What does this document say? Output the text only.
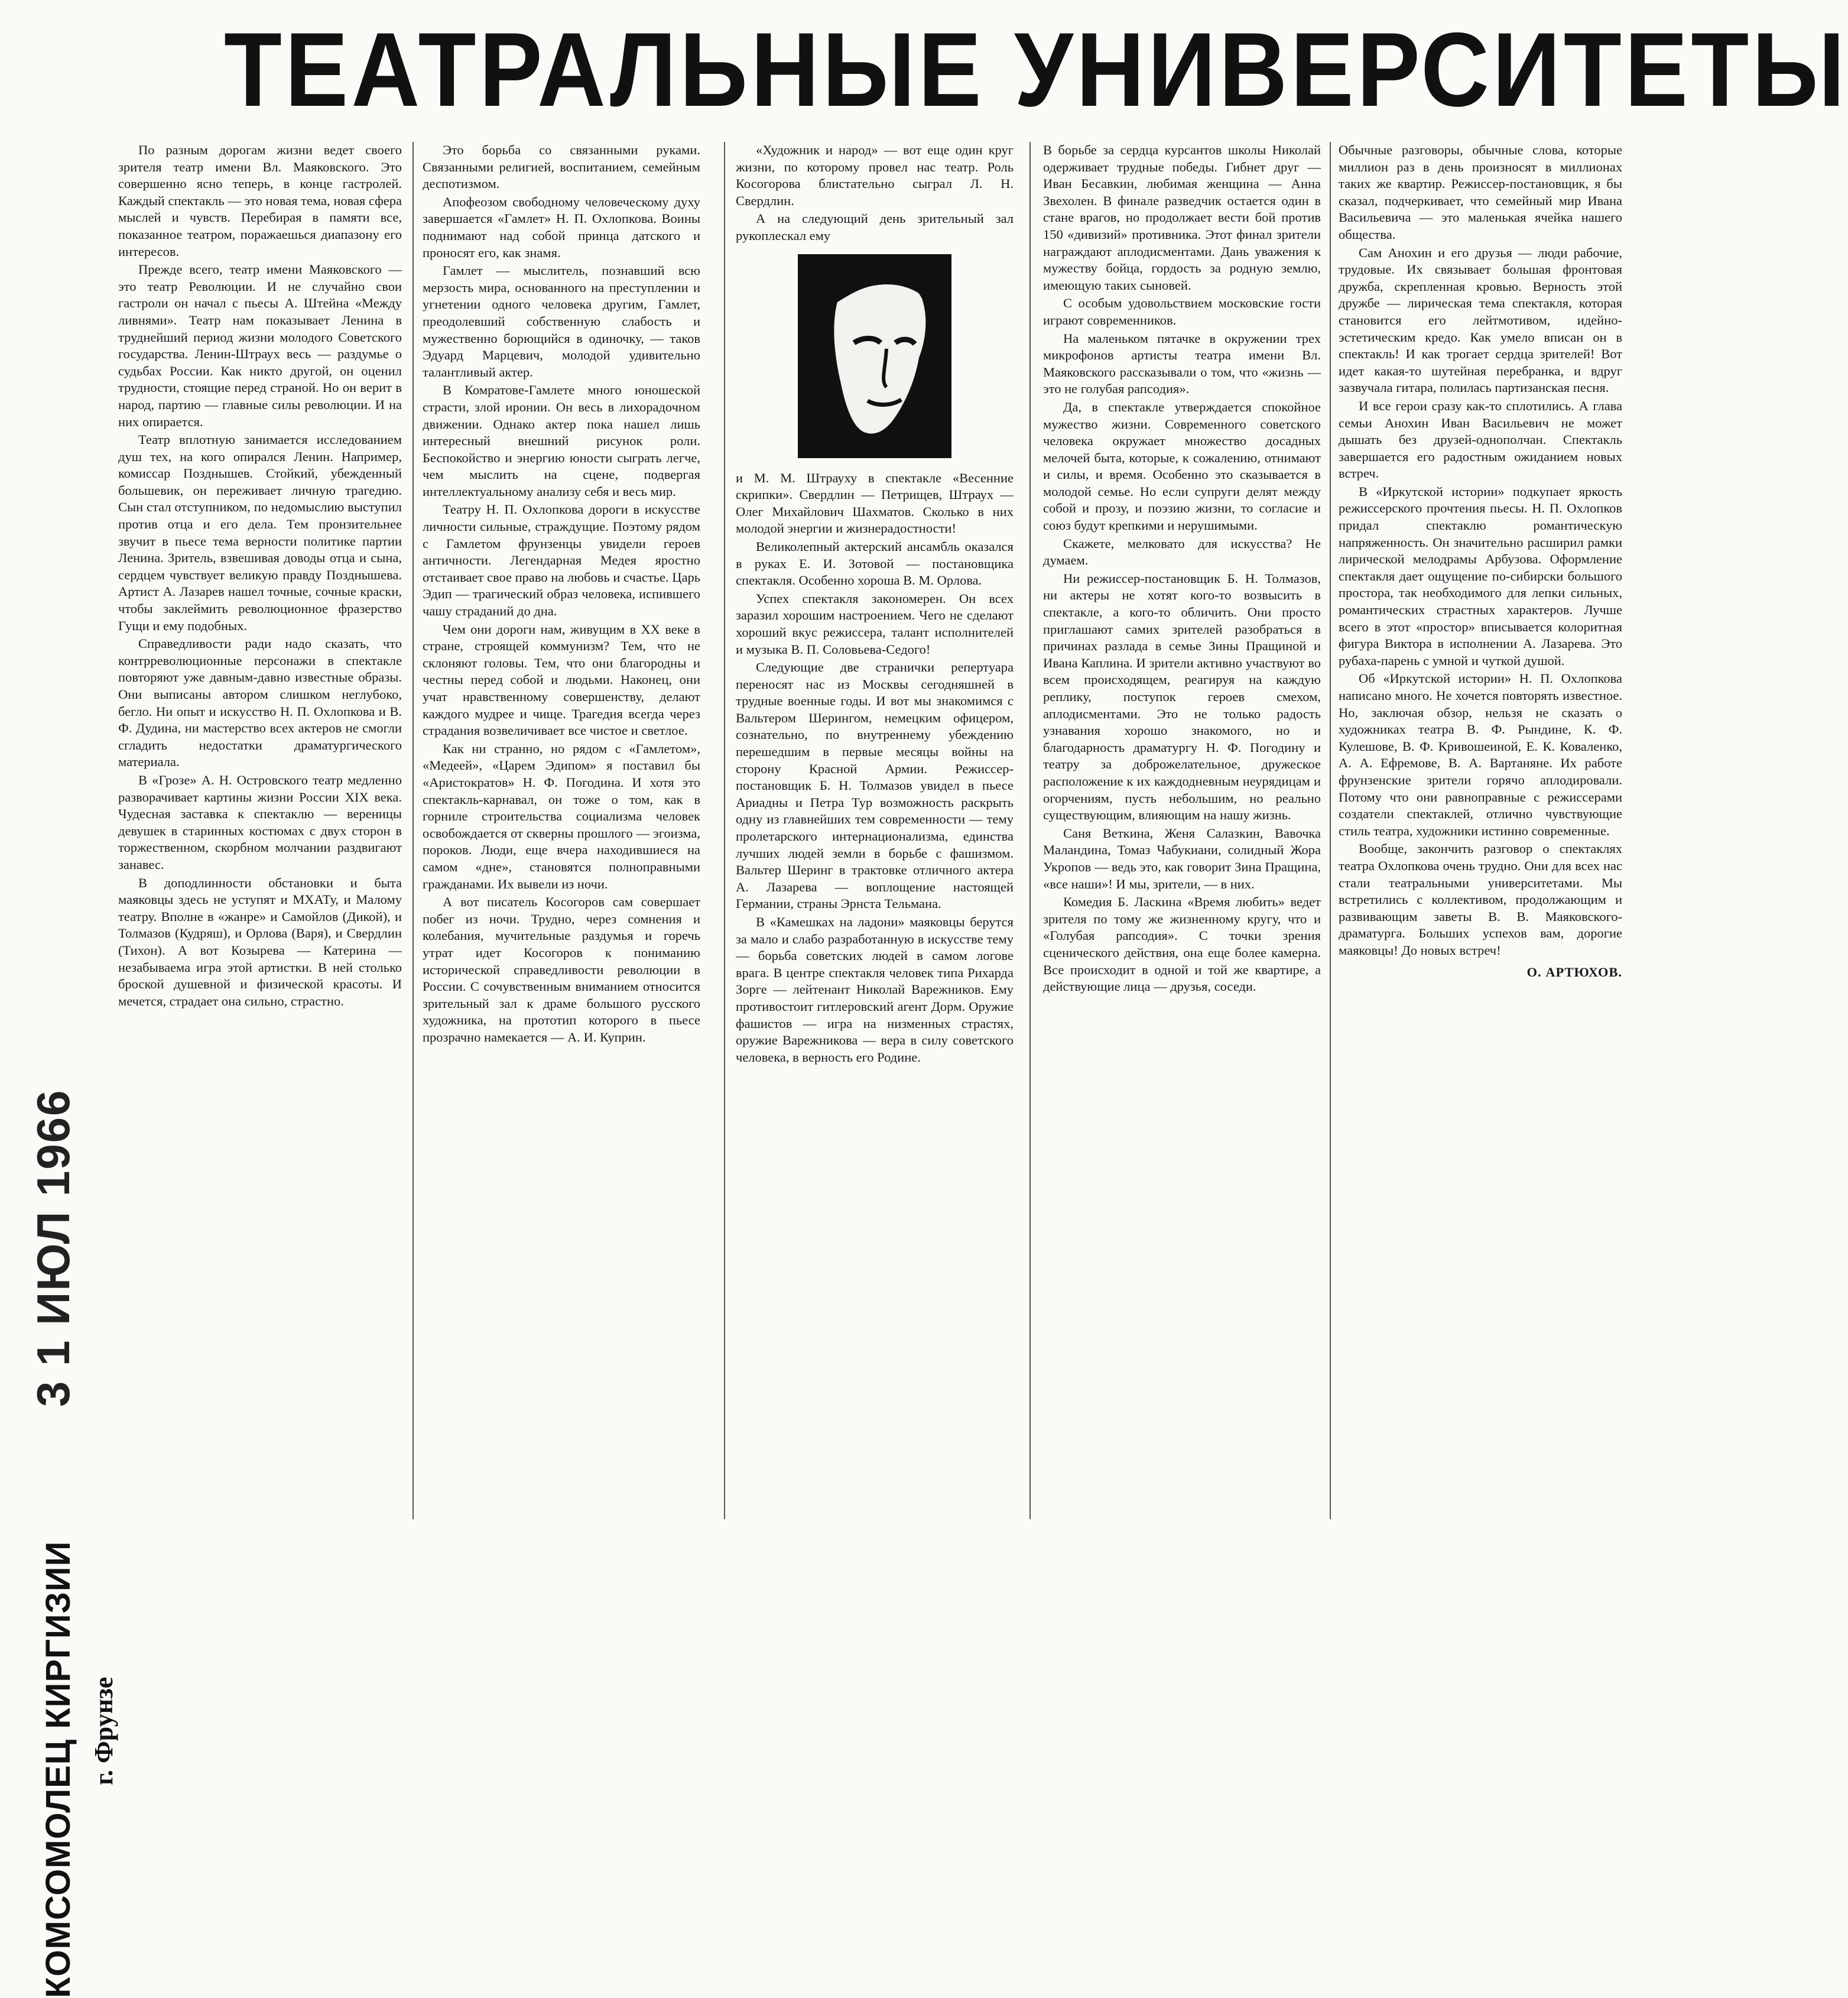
ТЕАТРАЛЬНЫЕ УНИВЕРСИТЕТЫ
3 1 ИЮЛ 1966
КОМСОМОЛЕЦ КИРГИЗИИ г. Фрунзе

По разным дорогам жизни ведет своего зрителя театр имени Вл. Маяковского. Это совершенно ясно теперь, в конце гастролей. Каждый спектакль — это новая тема, новая сфера мыслей и чувств. Перебирая в памяти все, показанное театром, поражаешься диапазону его интересов.

Прежде всего, театр имени Маяковского — это театр Революции. И не случайно свои гастроли он начал с пьесы А. Штейна «Между ливнями». Театр нам показывает Ленина в труднейший период жизни молодого Советского государства. Ленин-Штраух весь — раздумье о судьбах России. Как никто другой, он оценил трудности, стоящие перед страной. Но он верит в народ, партию — главные силы революции. И на них опирается.

Театр вплотную занимается исследованием душ тех, на кого опирался Ленин. Например, комиссар Позднышев. Стойкий, убежденный большевик, он переживает личную трагедию. Сын стал отступником, по недомыслию выступил против отца и его дела. Тем пронзительнее звучит в пьесе тема верности политике партии Ленина. Зритель, взвешивая доводы отца и сына, сердцем чувствует великую правду Позднышева. Артист А. Лазарев нашел точные, сочные краски, чтобы заклеймить революционное фразерство Гущи и ему подобных.

Справедливости ради надо сказать, что контрреволюционные персонажи в спектакле повторяют уже давным-давно известные образы. Они выписаны автором слишком неглубоко, бегло. Ни опыт и искусство Н. П. Охлопкова и В. Ф. Дудина, ни мастерство всех актеров не смогли сгладить недостатки драматургического материала.

В «Грозе» А. Н. Островского театр медленно разворачивает картины жизни России XIX века. Чудесная заставка к спектаклю — вереницы девушек в старинных костюмах с двух сторон в торжественном, скорбном молчании раздвигают занавес.

В доподлинности обстановки и быта маяковцы здесь не уступят и МХАТу, и Малому театру. Вполне в «жанре» и Самойлов (Дикой), и Толмазов (Кудряш), и Орлова (Варя), и Свердлин (Тихон). А вот Козырева — Катерина — незабываема игра этой артистки. В ней столько броской душевной и физической красоты. И мечется, страдает она сильно, страстно.

Это борьба со связанными руками. Связанными религией, воспитанием, семейным деспотизмом.

Апофеозом свободному человеческому духу завершается «Гамлет» Н. П. Охлопкова. Воины поднимают над собой принца датского и проносят его, как знамя.

Гамлет — мыслитель, познавший всю мерзость мира, основанного на преступлении и угнетении одного человека другим, Гамлет, преодолевший собственную слабость и мужественно борющийся в одиночку, — таков Эдуард Марцевич, молодой удивительно талантливый актер.

В Комратове-Гамлете много юношеской страсти, злой иронии. Он весь в лихорадочном движении. Однако актер пока нашел лишь интересный внешний рисунок роли. Беспокойство и энергию юности сыграть легче, чем мыслить на сцене, подвергая интеллектуальному анализу себя и весь мир.

Театру Н. П. Охлопкова дороги в искусстве личности сильные, страждущие. Поэтому рядом с Гамлетом фрунзенцы увидели героев античности. Легендарная Медея яростно отстаивает свое право на любовь и счастье. Царь Эдип — трагический образ человека, испившего чашу страданий до дна.

Чем они дороги нам, живущим в XX веке в стране, строящей коммунизм? Тем, что не склоняют головы. Тем, что они благородны и честны перед собой и людьми. Наконец, они учат нравственному совершенству, делают каждого мудрее и чище. Трагедия всегда через страдания возвеличивает все чистое и светлое.

Как ни странно, но рядом с «Гамлетом», «Медеей», «Царем Эдипом» я поставил бы «Аристократов» Н. Ф. Погодина. И хотя это спектакль-карнавал, он тоже о том, как в горниле строительства социализма человек освобождается от скверны прошлого — эгоизма, пороков. Люди, еще вчера находившиеся на самом «дне», становятся полноправными гражданами. Их вывели из ночи.

А вот писатель Косогоров сам совершает побег из ночи. Трудно, через сомнения и колебания, мучительные раздумья и горечь утрат идет Косогоров к пониманию исторической справедливости революции в России. С сочувственным вниманием относится зрительный зал к драме большого русского художника, на прототип которого в пьесе прозрачно намекается — А. И. Куприн.

«Художник и народ» — вот еще один круг жизни, по которому провел нас театр. Роль Косогорова блистательно сыграл Л. Н. Свердлин.

А на следующий день зрительный зал рукоплескал ему

и М. М. Штрауху в спектакле «Весенние скрипки». Свердлин — Петрищев, Штраух — Олег Михайлович Шахматов. Сколько в них молодой энергии и жизнерадостности!

Великолепный актерский ансамбль оказался в руках Е. И. Зотовой — постановщика спектакля. Особенно хороша В. М. Орлова.

Успех спектакля закономерен. Он всех заразил хорошим настроением. Чего не сделают хороший вкус режиссера, талант исполнителей и музыка В. П. Соловьева-Седого!

Следующие две странички репертуара переносят нас из Москвы сегодняшней в трудные военные годы. И вот мы знакомимся с Вальтером Шерингом, немецким офицером, сознательно, по внутреннему убеждению перешедшим в первые месяцы войны на сторону Красной Армии. Режиссер-постановщик Б. Н. Толмазов увидел в пьесе Ариадны и Петра Тур возможность раскрыть одну из главнейших тем современности — тему пролетарского интернационализма, единства лучших людей земли в борьбе с фашизмом. Вальтер Шеринг в трактовке отличного актера А. Лазарева — воплощение настоящей Германии, страны Эрнста Тельмана.

В «Камешках на ладони» маяковцы берутся за мало и слабо разработанную в искусстве тему — борьба советских людей в самом логове врага. В центре спектакля человек типа Рихарда Зорге — лейтенант Николай Варежников. Ему противостоит гитлеровский агент Дорм. Оружие фашистов — игра на низменных страстях, оружие Варежникова — вера в силу советского человека, в верность его Родине.

В борьбе за сердца курсантов школы Николай одерживает трудные победы. Гибнет друг — Иван Бесавкин, любимая женщина — Анна Звехолен. В финале разведчик остается один в стане врагов, но продолжает вести бой против 150 «дивизий» противника. Этот финал зрители награждают аплодисментами. Дань уважения к мужеству бойца, гордость за родную землю, имеющую таких сыновей.

С особым удовольствием московские гости играют современников.

На маленьком пятачке в окружении трех микрофонов артисты театра имени Вл. Маяковского рассказывали о том, что «жизнь — это не голубая рапсодия».

Да, в спектакле утверждается спокойное мужество жизни. Современного советского человека окружает множество досадных мелочей быта, которые, к сожалению, отнимают и силы, и время. Особенно это сказывается в молодой семье. Но если супруги делят между собой и прозу, и поэзию жизни, то согласие и союз будут крепкими и нерушимыми.

Скажете, мелковато для искусства? Не думаем.

Ни режиссер-постановщик Б. Н. Толмазов, ни актеры не хотят кого-то возвысить в спектакле, а кого-то обличить. Они просто приглашают самих зрителей разобраться в причинах разлада в семье Зины Пращиной и Ивана Каплина. И зрители активно участвуют во всем происходящем, реагируя на каждую реплику, поступок героев смехом, аплодисментами. Это не только радость узнавания хорошо знакомого, но и благодарность драматургу Н. Ф. Погодину и театру за доброжелательное, дружеское расположение к их каждодневным неурядицам и огорчениям, пусть небольшим, но реально существующим, влияющим на нашу жизнь.

Саня Веткина, Женя Салазкин, Вавочка Маландина, Томаз Чабукиани, солидный Жора Укропов — ведь это, как говорит Зина Пращина, «все наши»! И мы, зрители, — в них.

Комедия Б. Ласкина «Время любить» ведет зрителя по тому же жизненному кругу, что и «Голубая рапсодия». С точки зрения сценического действия, она еще более камерна. Все происходит в одной и той же квартире, а действующие лица — друзья, соседи.

Обычные разговоры, обычные слова, которые миллион раз в день произносят в миллионах таких же квартир. Режиссер-постановщик, я бы сказал, подчеркивает, что семейный мир Ивана Васильевича — это маленькая ячейка нашего общества.

Сам Анохин и его друзья — люди рабочие, трудовые. Их связывает большая фронтовая дружба, скрепленная кровью. Верность этой дружбе — лирическая тема спектакля, которая становится его лейтмотивом, идейно-эстетическим кредо. Как умело вписан он в спектакль! И как трогает сердца зрителей! Вот идет какая-то шутейная перебранка, и вдруг зазвучала гитара, полилась партизанская песня.

И все герои сразу как-то сплотились. А глава семьи Анохин Иван Васильевич не может дышать без друзей-однополчан. Спектакль завершается его радостным ожиданием новых встреч.

В «Иркутской истории» подкупает яркость режиссерского прочтения пьесы. Н. П. Охлопков придал спектаклю романтическую напряженность. Он значительно расширил рамки лирической мелодрамы Арбузова. Оформление спектакля дает ощущение по-сибирски большого простора, так необходимого для лепки сильных, романтических страстных характеров. Лучше всего в этот «простор» вписывается колоритная фигура Виктора в исполнении А. Лазарева. Это рубаха-парень с умной и чуткой душой.

Об «Иркутской истории» Н. П. Охлопкова написано много. Не хочется повторять известное. Но, заключая обзор, нельзя не сказать о художниках театра В. Ф. Рындине, К. Ф. Кулешове, В. Ф. Кривошеиной, Е. К. Коваленко, А. А. Ефремове, В. А. Вартаняне. Их работе фрунзенские зрители горячо аплодировали. Потому что они равноправные с режиссерами создатели спектаклей, отлично чувствующие стиль театра, художники истинно современные.

Вообще, закончить разговор о спектаклях театра Охлопкова очень трудно. Они для всех нас стали театральными университетами. Мы встретились с коллективом, продолжающим и развивающим заветы В. В. Маяковского-драматурга. Больших успехов вам, дорогие маяковцы! До новых встреч!

О. АРТЮХОВ.
